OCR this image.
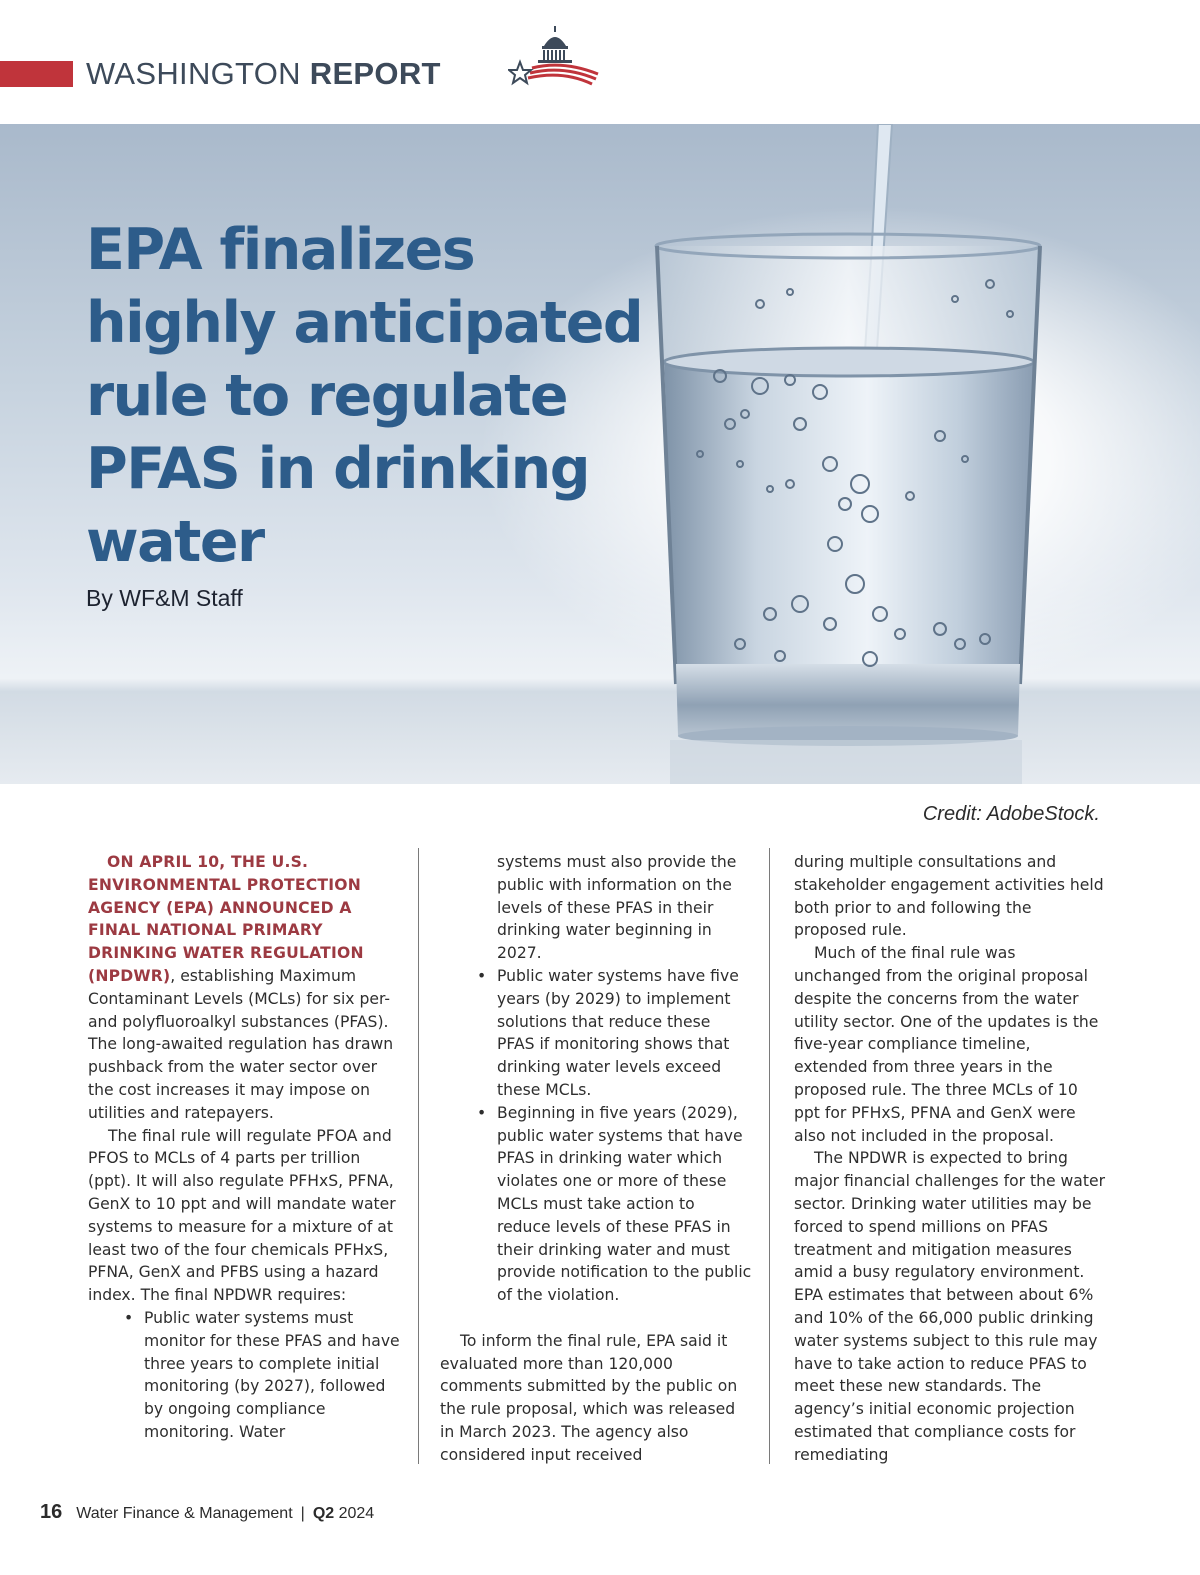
WASHINGTON REPORT
EPA finalizes highly anticipated rule to regulate PFAS in drinking water
By WF&M Staff
Credit: AdobeStock.

ON APRIL 10, THE U.S. ENVIRONMENTAL PROTECTION AGENCY (EPA) ANNOUNCED A FINAL NATIONAL PRIMARY DRINKING WATER REGULATION (NPDWR), establishing Maximum Contaminant Levels (MCLs) for six per- and polyfluoroalkyl substances (PFAS). The long-awaited regulation has drawn pushback from the water sector over the cost increases it may impose on utilities and ratepayers.

The final rule will regulate PFOA and PFOS to MCLs of 4 parts per trillion (ppt). It will also regulate PFHxS, PFNA, GenX to 10 ppt and will mandate water systems to measure for a mixture of at least two of the four chemicals PFHxS, PFNA, GenX and PFBS using a hazard index. The final NPDWR requires:

• Public water systems must monitor for these PFAS and have three years to complete initial monitoring (by 2027), followed by ongoing compliance monitoring. Water
systems must also provide the public with information on the levels of these PFAS in their drinking water beginning in 2027.
• Public water systems have five years (by 2029) to implement solutions that reduce these PFAS if monitoring shows that drinking water levels exceed these MCLs.
• Beginning in five years (2029), public water systems that have PFAS in drinking water which violates one or more of these MCLs must take action to reduce levels of these PFAS in their drinking water and must provide notification to the public of the violation.

To inform the final rule, EPA said it evaluated more than 120,000 comments submitted by the public on the rule proposal, which was released in March 2023. The agency also considered input received

during multiple consultations and stakeholder engagement activities held both prior to and following the proposed rule.

Much of the final rule was unchanged from the original proposal despite the concerns from the water utility sector. One of the updates is the five-year compliance timeline, extended from three years in the proposed rule. The three MCLs of 10 ppt for PFHxS, PFNA and GenX were also not included in the proposal.

The NPDWR is expected to bring major financial challenges for the water sector. Drinking water utilities may be forced to spend millions on PFAS treatment and mitigation measures amid a busy regulatory environment. EPA estimates that between about 6% and 10% of the 66,000 public drinking water systems subject to this rule may have to take action to reduce PFAS to meet these new standards. The agency’s initial economic projection estimated that compliance costs for remediating

16 Water Finance & Management | Q2 2024
